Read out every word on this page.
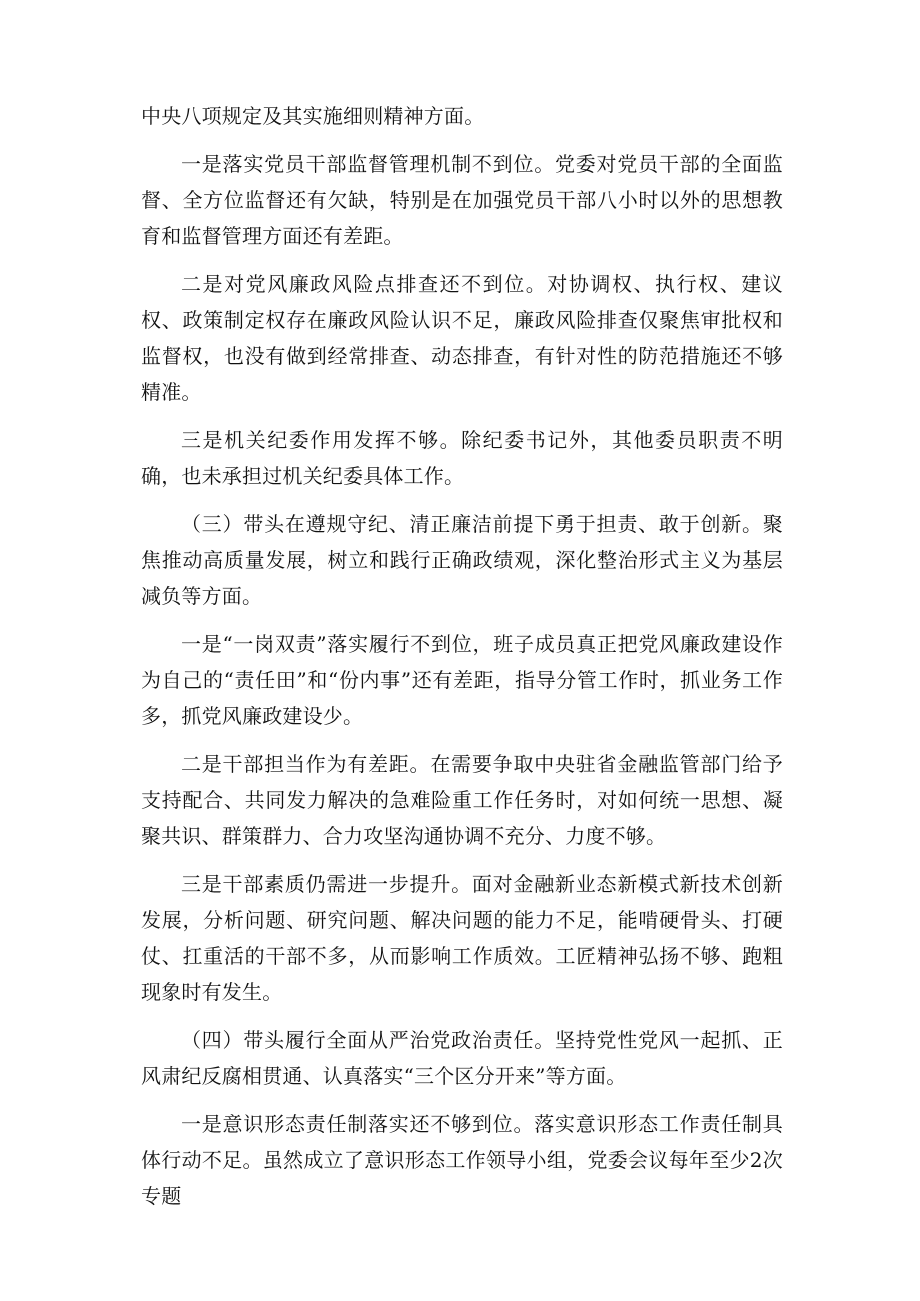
中央八项规定及其实施细则精神方面。

一是落实党员干部监督管理机制不到位。党委对党员干部的全面监督、全方位监督还有欠缺，特别是在加强党员干部八小时以外的思想教育和监督管理方面还有差距。

二是对党风廉政风险点排查还不到位。对协调权、执行权、建议权、政策制定权存在廉政风险认识不足，廉政风险排查仅聚焦审批权和监督权，也没有做到经常排查、动态排查，有针对性的防范措施还不够精准。

三是机关纪委作用发挥不够。除纪委书记外，其他委员职责不明确，也未承担过机关纪委具体工作。

（三）带头在遵规守纪、清正廉洁前提下勇于担责、敢于创新。聚焦推动高质量发展，树立和践行正确政绩观，深化整治形式主义为基层减负等方面。

一是“一岗双责”落实履行不到位，班子成员真正把党风廉政建设作为自己的“责任田”和“份内事”还有差距，指导分管工作时，抓业务工作多，抓党风廉政建设少。

二是干部担当作为有差距。在需要争取中央驻省金融监管部门给予支持配合、共同发力解决的急难险重工作任务时，对如何统一思想、凝聚共识、群策群力、合力攻坚沟通协调不充分、力度不够。

三是干部素质仍需进一步提升。面对金融新业态新模式新技术创新发展，分析问题、研究问题、解决问题的能力不足，能啃硬骨头、打硬仗、扛重活的干部不多，从而影响工作质效。工匠精神弘扬不够、跑粗现象时有发生。

（四）带头履行全面从严治党政治责任。坚持党性党风一起抓、正风肃纪反腐相贯通、认真落实“三个区分开来”等方面。

一是意识形态责任制落实还不够到位。落实意识形态工作责任制具体行动不足。虽然成立了意识形态工作领导小组，党委会议每年至少2次专题
